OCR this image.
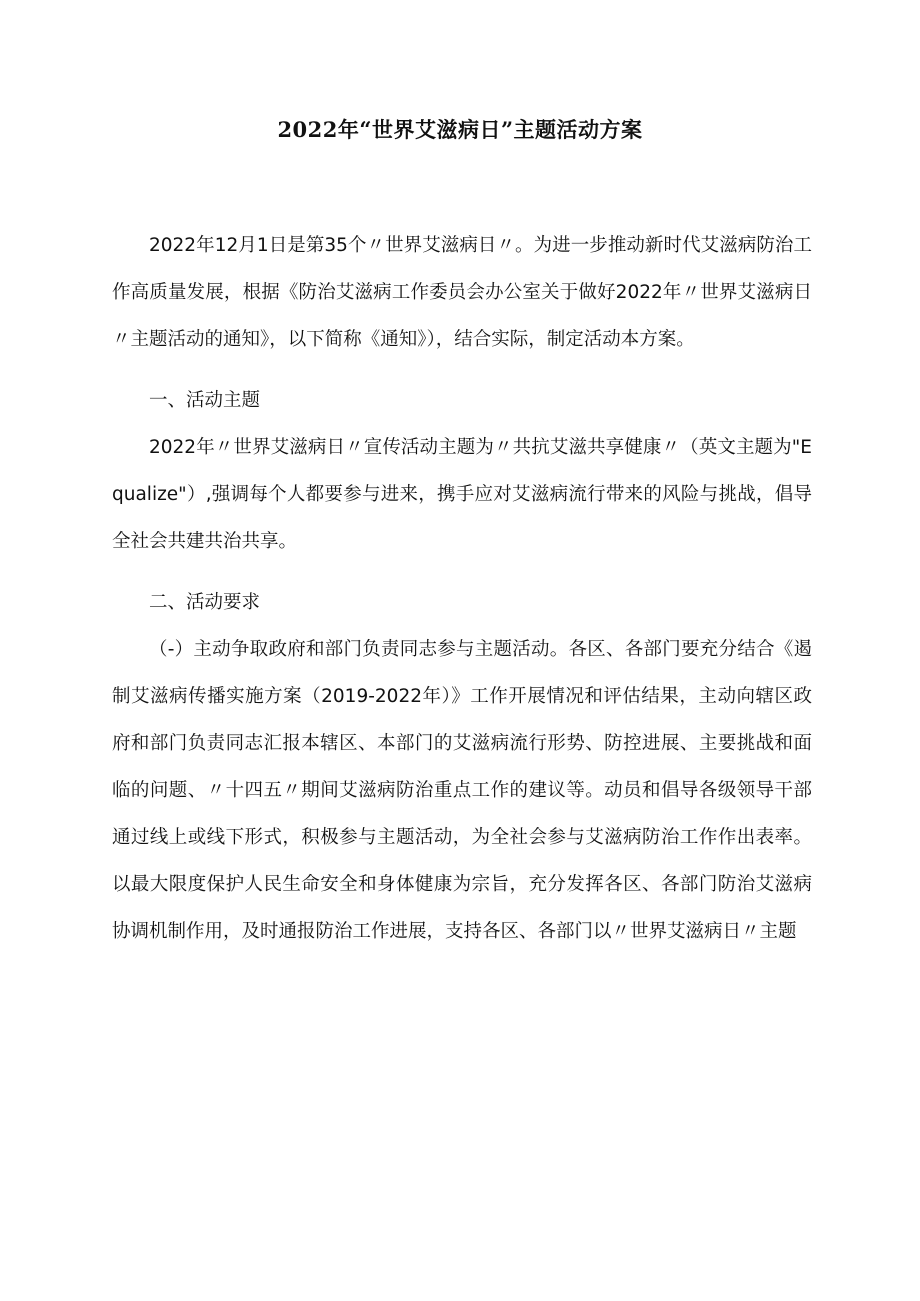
2022年“世界艾滋病日”主题活动方案

2022年12月1日是第35个〃世界艾滋病日〃。为进一步推动新时代艾滋病防治工作高质量发展，根据《防治艾滋病工作委员会办公室关于做好2022年〃世界艾滋病日〃主题活动的通知》，以下简称《通知》），结合实际，制定活动本方案。

一、活动主题

2022年〃世界艾滋病日〃宣传活动主题为〃共抗艾滋共享健康〃（英文主题为"Equalize"）,强调每个人都要参与进来，携手应对艾滋病流行带来的风险与挑战，倡导全社会共建共治共享。

二、活动要求

（-）主动争取政府和部门负责同志参与主题活动。各区、各部门要充分结合《遏制艾滋病传播实施方案（2019-2022年）》工作开展情况和评估结果，主动向辖区政府和部门负责同志汇报本辖区、本部门的艾滋病流行形势、防控进展、主要挑战和面临的问题、〃十四五〃期间艾滋病防治重点工作的建议等。动员和倡导各级领导干部通过线上或线下形式，积极参与主题活动，为全社会参与艾滋病防治工作作出表率。以最大限度保护人民生命安全和身体健康为宗旨，充分发挥各区、各部门防治艾滋病协调机制作用，及时通报防治工作进展，支持各区、各部门以〃世界艾滋病日〃主题
